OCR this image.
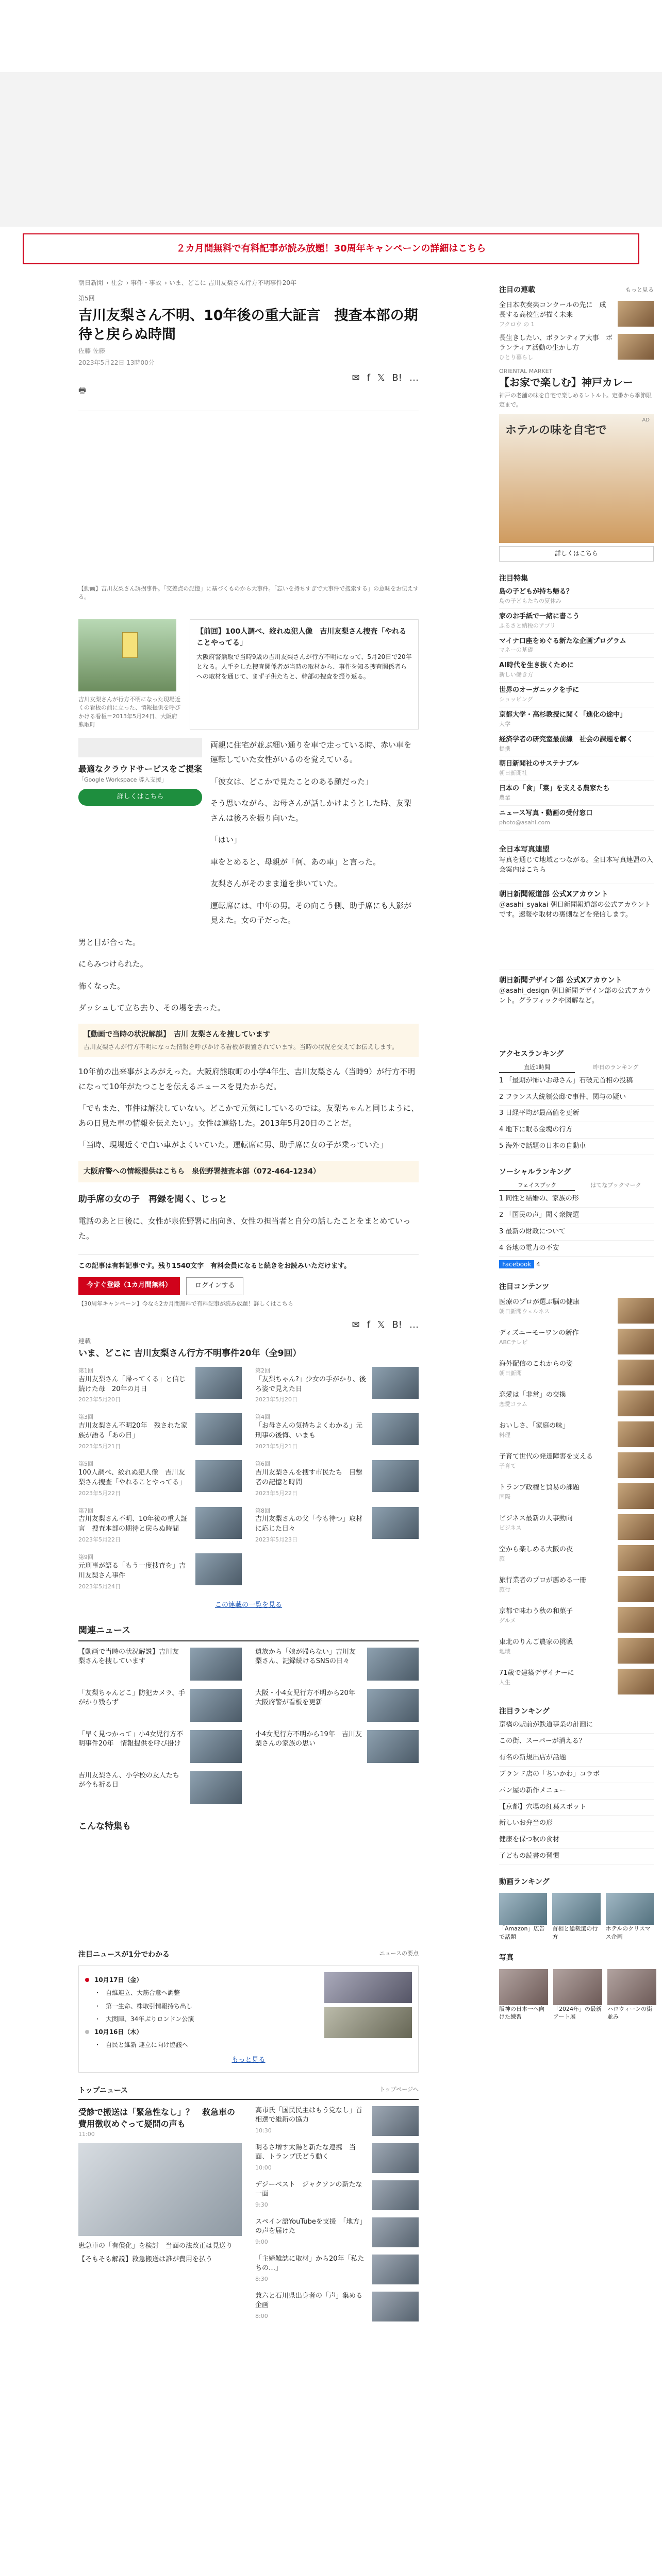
２カ月間無料で有料記事が読み放題！30周年キャンペーンの詳細はこちら
朝日新聞 › 社会 › 事件・事故 › いま、どこに 吉川友梨さん行方不明事件20年
第5回
吉川友梨さん不明、10年後の重大証言　捜査本部の期待と戻らぬ時間
佐藤 佐藤
2023年5月22日 13時00分
✉ f 𝕏 B! …
🖶
【動画】吉川友梨さん誘拐事件。「交差点の記憶」に基づくものから大事件。「忘いを持ちすぎで大事件で捜索する」の意味をお伝えする。
吉川友梨さんが行方不明になった現場近くの看板の前に立った、情報提供を呼びかける看板＝2013年5月24日、大阪府熊取町
【前回】100人調べ、絞れぬ犯人像　吉川友梨さん捜査「やれることやってる」
大阪府警熊取で当時9歳の吉川友梨さんが行方不明になって、5月20日で20年となる。人手をした捜査関係者が当時の取材から、事件を知る捜査関係者らへの取材を通じて、まず子供たちと、幹部の捜査を振り返る。
最適なクラウドサービスをご提案
「Google Workspace 導入支援」
詳しくはこちら
両親に住宅が並ぶ細い通りを車で走っている時、赤い車を運転していた女性がいるのを覚えている。
「彼女は、どこかで見たことのある顔だった」
そう思いながら、お母さんが話しかけようとした時、友梨さんは後ろを振り向いた。
「はい」
車をとめると、母親が「何、あの車」と言った。
友梨さんがそのまま道を歩いていた。
運転席には、中年の男。その向こう側、助手席にも人影が見えた。女の子だった。
男と目が合った。
にらみつけられた。
怖くなった。
ダッシュして立ち去り、その場を去った。
【動画で当時の状況解説】　吉川 友梨さんを捜しています
吉川友梨さんが行方不明になった情報を呼びかける看板が設置されています。当時の状況を交えてお伝えします。
10年前の出来事がよみがえった。大阪府熊取町の小学4年生、吉川友梨さん（当時9）が行方不明になって10年がたつことを伝えるニュースを見たからだ。
「でもまた、事件は解決していない。どこかで元気にしているのでは。友梨ちゃんと同じように、あの日見た車の情報を伝えたい」。女性は連絡した。2013年5月20日のことだ。
「当時、現場近くで白い車がよくいていた。運転席に男、助手席に女の子が乗っていた」
大阪府警への情報提供はこちら　泉佐野署捜査本部（072-464-1234）
助手席の女の子　再録を聞く、じっと
電話のあと日後に、女性が泉佐野署に出向き、女性の担当者と自分の話したことをまとめていった。
この記事は有料記事です。残り1540文字　有料会員になると続きをお読みいただけます。
今すぐ登録（1カ月間無料）	ログインする
【30周年キャンペーン】今なら2カ月間無料で有料記事が読み放題！詳しくはこちら
✉ f 𝕏 B! …
連載
いま、どこに 吉川友梨さん行方不明事件20年（全9回）
第1回
吉川友梨さん「帰ってくる」と信じ続けた母　20年の月日
2023年5月20日
第2回
「友梨ちゃん?」少女の手がかり、後ろ姿で見えた日
2023年5月20日
第3回
吉川友梨さん不明20年　残された家族が語る「あの日」
2023年5月21日
第4回
「お母さんの気持ちよくわかる」元刑事の後悔、いまも
2023年5月21日
第5回
100人調べ、絞れぬ犯人像　吉川友梨さん捜査「やれることやってる」
2023年5月22日
第6回
吉川友梨さんを捜す市民たち　目撃者の記憶と時間
2023年5月22日
第7回
吉川友梨さん不明、10年後の重大証言　捜査本部の期待と戻らぬ時間
2023年5月22日
第8回
吉川友梨さんの父「今も待つ」取材に応じた日々
2023年5月23日
第9回
元刑事が語る「もう一度捜査を」吉川友梨さん事件
2023年5月24日
この連載の一覧を見る
関連ニュース
【動画で当時の状況解説】吉川友梨さんを捜しています
遺族から「娘が帰らない」吉川友梨さん、記録続けるSNSの日々
「友梨ちゃんどこ」防犯カメラ、手がかり残らず
大阪・小4女児行方不明から20年　大阪府警が看板を更新
「早く見つかって」小4女児行方不明事件20年　情報提供を呼び掛け
小4女児行方不明から19年　吉川友梨さんの家族の思い
吉川友梨さん、小学校の友人たちが今も祈る日
こんな特集も
注目ニュースが1分でわかる	ニュースの要点
10月17日（金）
・ 自維連立、大筋合意へ調整
・ 第一生命、株取引情報持ち出し
・ 大関陣、34年ぶりロンドン公演
10月16日（木）
・ 自民と維新 連立に向け協議へ
もっと見る
トップニュース	トップページへ
受診で搬送は「緊急性なし」？　救急車の費用徴収めぐって疑問の声も
11:00
患急車の「有償化」を検討　当面の法改正は見送り
【そもそも解説】救急搬送は誰が費用を払う
高市氏「国民民主はもう党なし」首相選で維新の協力
10:30
明るさ増す太陽と新たな連携　当面、トランプ氏どう動く
10:00
デジーベスト　ジャクソンの新たな一面
9:30
スペイン語YouTubeを支援　「地方」の声を届けた
9:00
「主婦雑誌に取材」から20年「私たちの…」
8:30
兼六と石川県出身者の「声」集める企画
8:00
注目の連載	もっと見る
全日本吹奏楽コンクールの先に　成長する高校生が描く未来
フクロウ の 1
長生きしたい、ボランティア大事　ボランティア活動の生かし方
ひとり暮らし
ORIENTAL MARKET
【お家で楽しむ】神戸カレー
神戸の老舗の味を自宅で楽しめるレトルト。定番から季節限定まで。
ホテルの味を自宅で
AD
詳しくはこちら
注目特集
島の子どもが持ち帰る？
島の子どもたちの夏休み
家のお手紙で一緒に書こう
ふるさと納税のアプリ
マイナ口座をめぐる新たな企画プログラム
マネーの基礎
AI時代を生き抜くために
新しい働き方
世界のオーガニックを手に
ショッピング
京都大学・高杉教授に聞く「進化の途中」
大学
経済学者の研究室最前線　社会の課題を解く
提携
朝日新聞社のサステナブル
朝日新聞社
日本の「食」「菜」を支える農家たち
農業
ニュース写真・動画の受付窓口
photo@asahi.com
全日本写真連盟
写真を通じて地域とつながる。全日本写真連盟の入会案内はこちら
朝日新聞報道部 公式Xアカウント
＠asahi_syakai 朝日新聞報道部の公式アカウントです。速報や取材の裏側などを発信します。
朝日新聞デザイン部 公式Xアカウント
＠asahi_design 朝日新聞デザイン部の公式アカウント。グラフィックや図解など。
アクセスランキング
直近1時間	昨日のランキング
1 「最期が怖いお母さん」石破元首相の投稿
2 フランス大統領公邸で事件、関与の疑い
3 日経平均が最高値を更新
4 地下に眠る金塊の行方
5 海外で話題の日本の自動車
ソーシャルランキング
フェイスブック	はてなブックマーク
1 同性と結婚の、家族の形
2 「国民の声」聞く衆院選
3 最新の財政について
4 各地の電力の不安
Facebook 4
注目コンテンツ
医療のプロが選ぶ脳の健康
朝日新聞ウェルネス
ディズニーモーワンの新作
ABCテレビ
海外配信のこれからの姿
朝日新聞
恋愛は「非常」の交換
恋愛コラム
おいしさ、「家庭の味」
料理
子育て世代の発達障害を支える
子育て
トランプ政権と貿易の課題
国際
ビジネス最新の人事動向
ビジネス
空から楽しめる大阪の夜
旅
旅行業者のプロが薦める一冊
旅行
京都で味わう秋の和菓子
グルメ
東北のりんご農家の挑戦
地域
71歳で建築デザイナーに
人生
注目ランキング
京橋の駅前が鉄道事業の計画に
この街、スーパーが消える？
有名の新規出店が話題
ブランド店の「ちいかわ」コラボ
パン屋の新作メニュー
【京都】穴場の紅葉スポット
新しいお弁当の形
健康を保つ秋の食材
子どもの読書の習慣
動画ランキング
「Amazon」広告で話題
首相と総裁選の行方
ホテルのクリスマス企画
写真
阪神の日本一へ向けた練習
「2024年」の最新アート展
ハロウィーンの街並み
